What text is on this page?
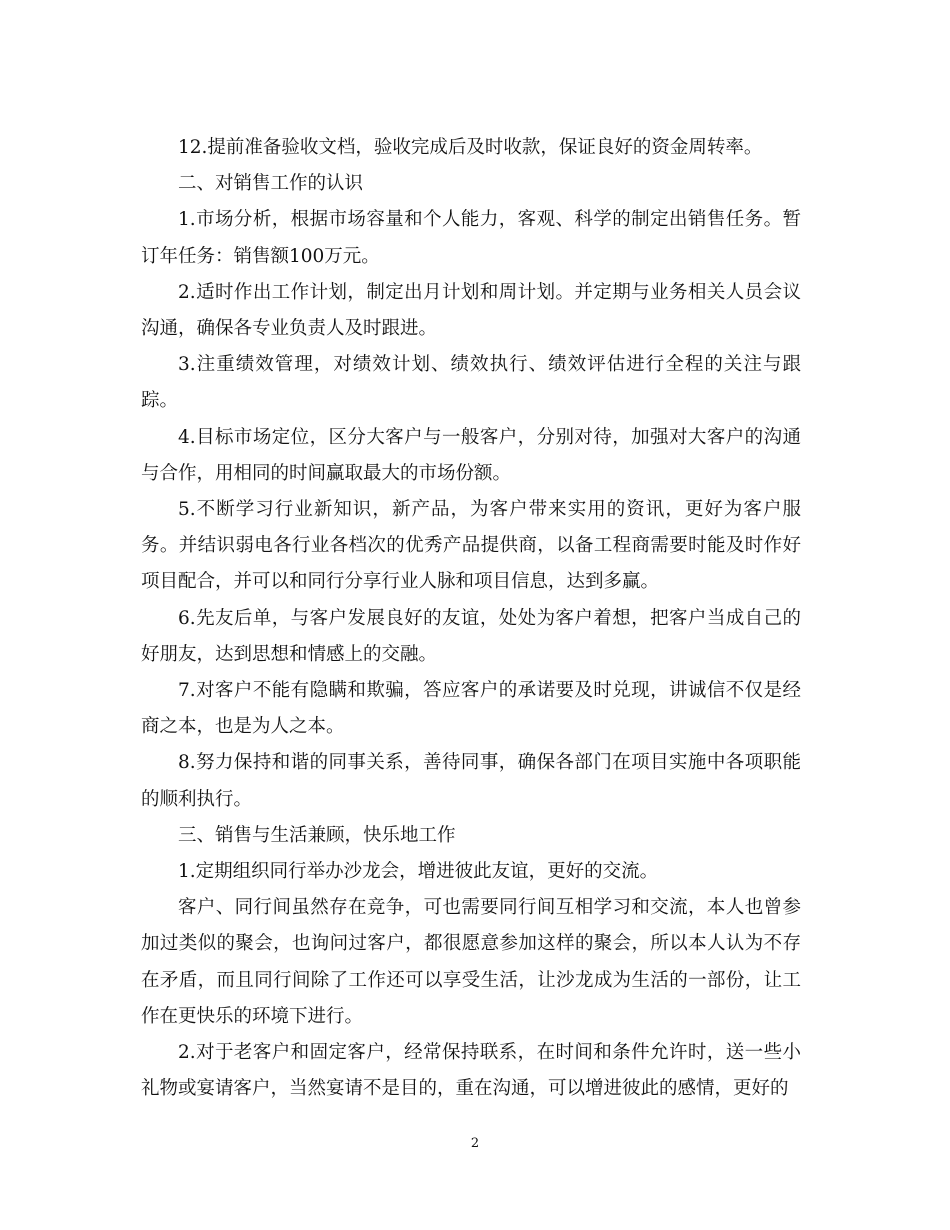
12.提前准备验收文档，验收完成后及时收款，保证良好的资金周转率。

二、对销售工作的认识

1.市场分析，根据市场容量和个人能力，客观、科学的制定出销售任务。暂订年任务：销售额100万元。

2.适时作出工作计划，制定出月计划和周计划。并定期与业务相关人员会议沟通，确保各专业负责人及时跟进。

3.注重绩效管理，对绩效计划、绩效执行、绩效评估进行全程的关注与跟踪。

4.目标市场定位，区分大客户与一般客户，分别对待，加强对大客户的沟通与合作，用相同的时间赢取最大的市场份额。

5.不断学习行业新知识，新产品，为客户带来实用的资讯，更好为客户服务。并结识弱电各行业各档次的优秀产品提供商，以备工程商需要时能及时作好项目配合，并可以和同行分享行业人脉和项目信息，达到多赢。

6.先友后单，与客户发展良好的友谊，处处为客户着想，把客户当成自己的好朋友，达到思想和情感上的交融。

7.对客户不能有隐瞒和欺骗，答应客户的承诺要及时兑现，讲诚信不仅是经商之本，也是为人之本。

8.努力保持和谐的同事关系，善待同事，确保各部门在项目实施中各项职能的顺利执行。

三、销售与生活兼顾，快乐地工作

1.定期组织同行举办沙龙会，增进彼此友谊，更好的交流。

客户、同行间虽然存在竞争，可也需要同行间互相学习和交流，本人也曾参加过类似的聚会，也询问过客户，都很愿意参加这样的聚会，所以本人认为不存在矛盾，而且同行间除了工作还可以享受生活，让沙龙成为生活的一部份，让工作在更快乐的环境下进行。

2.对于老客户和固定客户，经常保持联系，在时间和条件允许时，送一些小礼物或宴请客户，当然宴请不是目的，重在沟通，可以增进彼此的感情，更好的

2
